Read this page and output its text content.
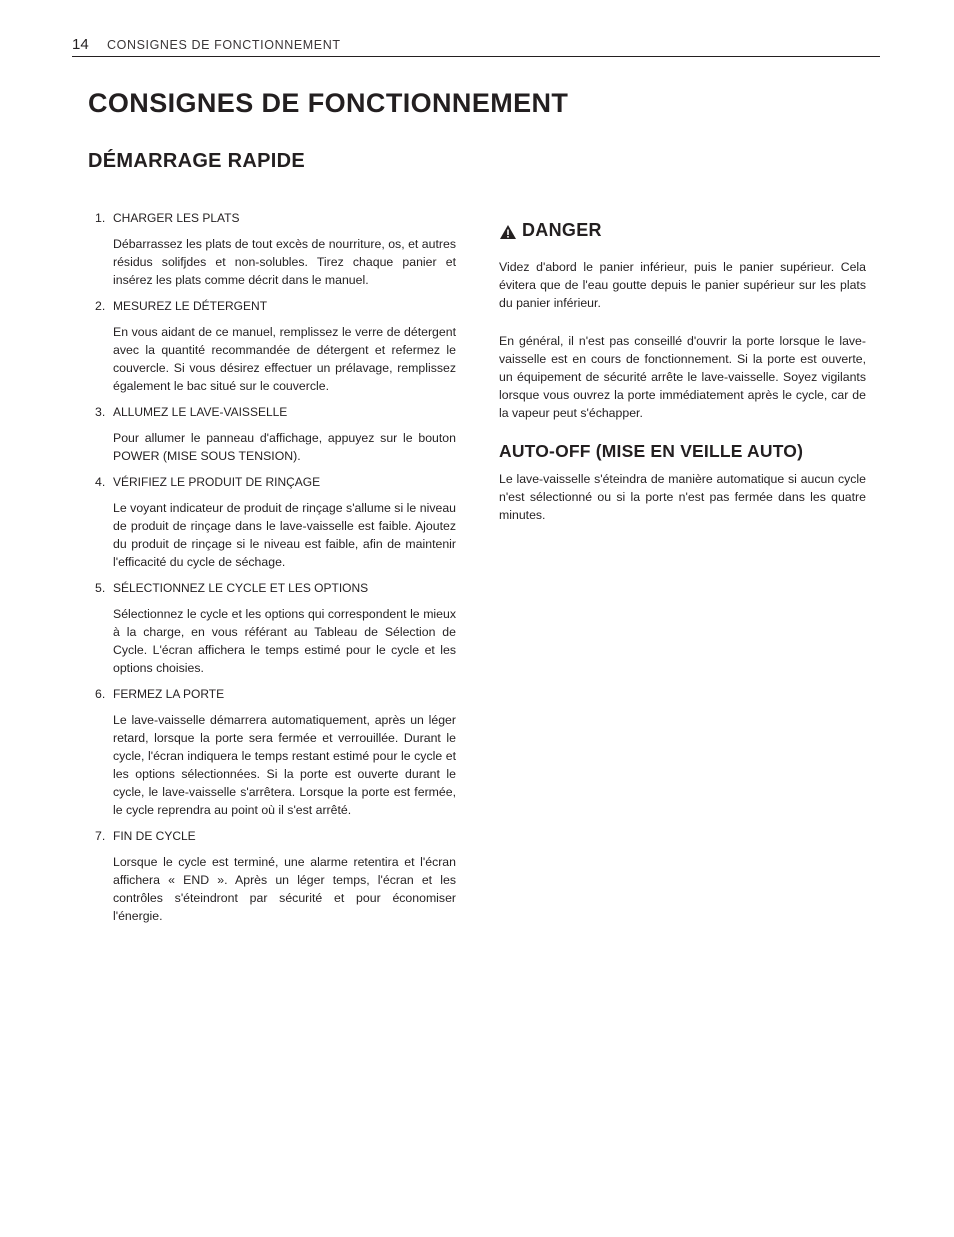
14 CONSIGNES DE FONCTIONNEMENT
CONSIGNES DE FONCTIONNEMENT
DÉMARRAGE RAPIDE
1. CHARGER LES PLATS

Débarrassez les plats de tout excès de nourriture, os, et autres résidus solifjdes et non-solubles. Tirez chaque panier et insérez les plats comme décrit dans le manuel.

2. MESUREZ LE DÉTERGENT

En vous aidant de ce manuel, remplissez le verre de détergent avec la quantité recommandée de détergent et refermez le couvercle. Si vous désirez effectuer un prélavage, remplissez également le bac situé sur le couvercle.

3. ALLUMEZ LE LAVE-VAISSELLE

Pour allumer le panneau d'affichage, appuyez sur le bouton POWER (MISE SOUS TENSION).

4. VÉRIFIEZ LE PRODUIT DE RINÇAGE

Le voyant indicateur de produit de rinçage s'allume si le niveau de produit de rinçage dans le lave-vaisselle est faible. Ajoutez du produit de rinçage si le niveau est faible, afin de maintenir l'efficacité du cycle de séchage.

5. SÉLECTIONNEZ LE CYCLE ET LES OPTIONS

Sélectionnez le cycle et les options qui correspondent le mieux à la charge, en vous référant au Tableau de Sélection de Cycle. L'écran affichera le temps estimé pour le cycle et les options choisies.

6. FERMEZ LA PORTE

Le lave-vaisselle démarrera automatiquement, après un léger retard, lorsque la porte sera fermée et verrouillée. Durant le cycle, l'écran indiquera le temps restant estimé pour le cycle et les options sélectionnées. Si la porte est ouverte durant le cycle, le lave-vaisselle s'arrêtera. Lorsque la porte est fermée, le cycle reprendra au point où il s'est arrêté.

7. FIN DE CYCLE

Lorsque le cycle est terminé, une alarme retentira et l'écran affichera « END ». Après un léger temps, l'écran et les contrôles s'éteindront par sécurité et pour économiser l'énergie.

DANGER

Videz d'abord le panier inférieur, puis le panier supérieur. Cela évitera que de l'eau goutte depuis le panier supérieur sur les plats du panier inférieur.

En général, il n'est pas conseillé d'ouvrir la porte lorsque le lave-vaisselle est en cours de fonctionnement. Si la porte est ouverte, un équipement de sécurité arrête le lave-vaisselle. Soyez vigilants lorsque vous ouvrez la porte immédiatement après le cycle, car de la vapeur peut s'échapper.

AUTO-OFF (MISE EN VEILLE AUTO)

Le lave-vaisselle s'éteindra de manière automatique si aucun cycle n'est sélectionné ou si la porte n'est pas fermée dans les quatre minutes.
